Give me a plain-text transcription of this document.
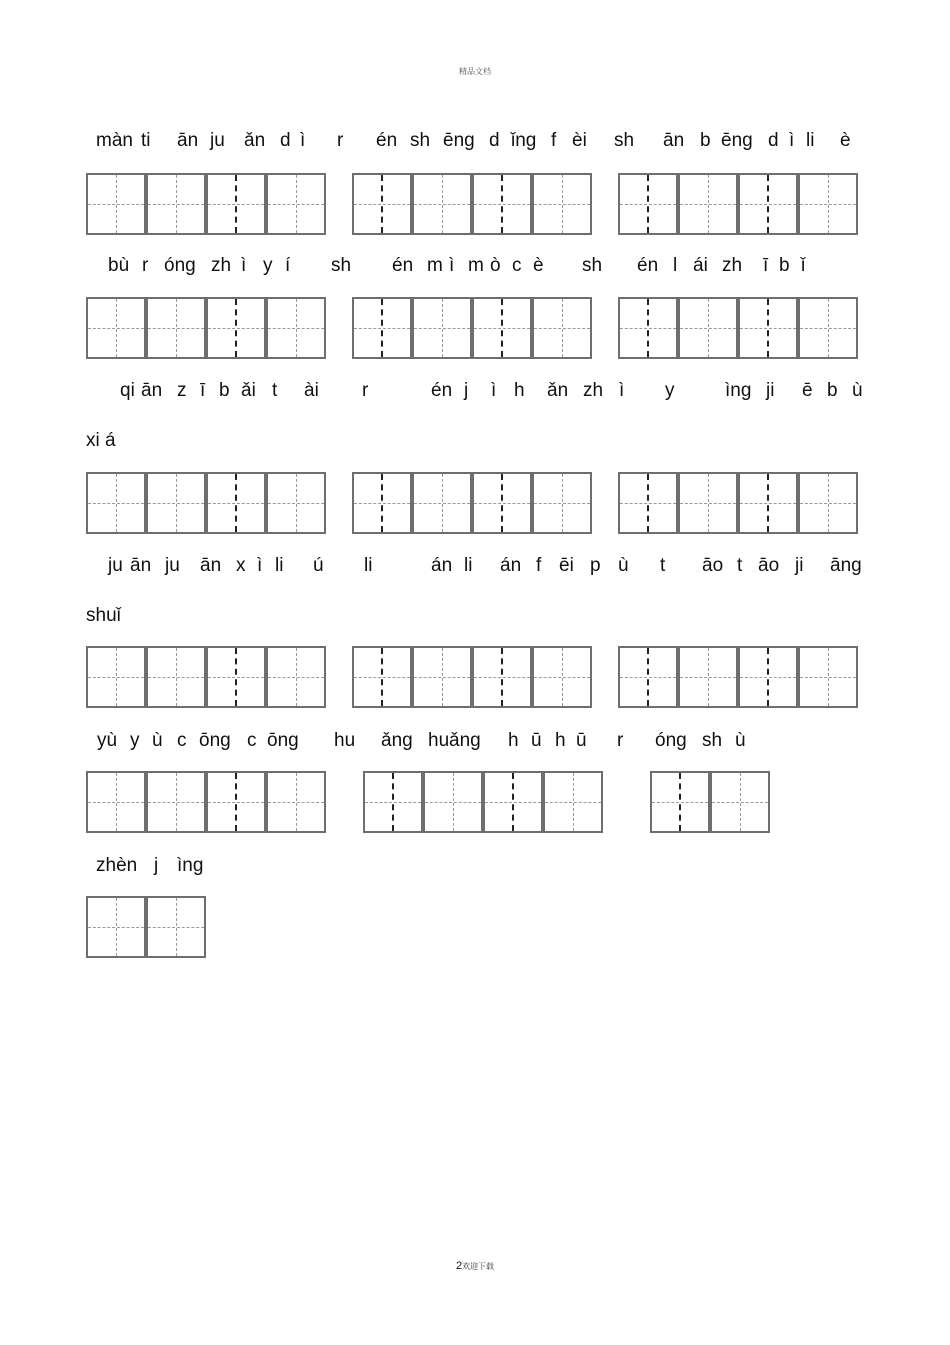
精品文档
màn ti ān ju ǎn d ì r én sh ēng d ǐng f èi sh ān b ēng d ì li è
bù r óng zh ì y í sh én m ì m ò c è sh én l ái zh ī b ǐ
qi ān z ī b ǎi t ài r	én j ì h ǎn zh ì y	ìng ji ē b ù
xi á
ju ān ju ān x ì li ú li	án li án f ēi p ù t āo t āo ji āng
shuǐ
yù y ù c ōng c ōng hu ǎng hu ǎng h ū h ū r óng sh ù
zhèn j ìng
2欢迎下载
